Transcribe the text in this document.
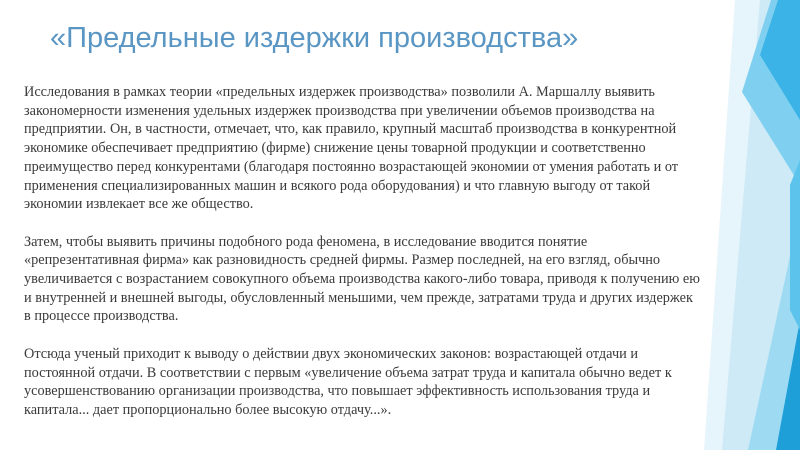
«Предельные издержки производства»

Исследования в рамках теории «предельных издержек производства» позволили А. Маршаллу выявить закономерности изменения удельных издержек производства при увеличении объемов производства на предприятии. Он, в частности, отмечает, что, как правило, крупный масштаб производства в конкурентной экономике обеспечивает предприятию (фирме) снижение цены товарной продукции и соответственно преимущество перед конкурентами (благодаря постоянно возрастающей экономии от умения работать и от применения специализированных машин и всякого рода оборудования) и что главную выгоду от такой экономии извлекает все же общество.

Затем, чтобы выявить причины подобного рода феномена, в исследование вводится понятие «репрезентативная фирма» как разновидность средней фирмы. Размер последней, на его взгляд, обычно увеличивается с возрастанием совокупного объема производства какого-либо товара, приводя к получению ею и внутренней и внешней выгоды, обусловленный меньшими, чем прежде, затратами труда и других издержек в процессе производства.

Отсюда ученый приходит к выводу о действии двух экономических законов: возрастающей отдачи и постоянной отдачи. В соответствии с первым «увеличение объема затрат труда и капитала обычно ведет к усовершенствованию организации производства, что повышает эффективность использования труда и капитала... дает пропорционально более высокую отдачу...».
